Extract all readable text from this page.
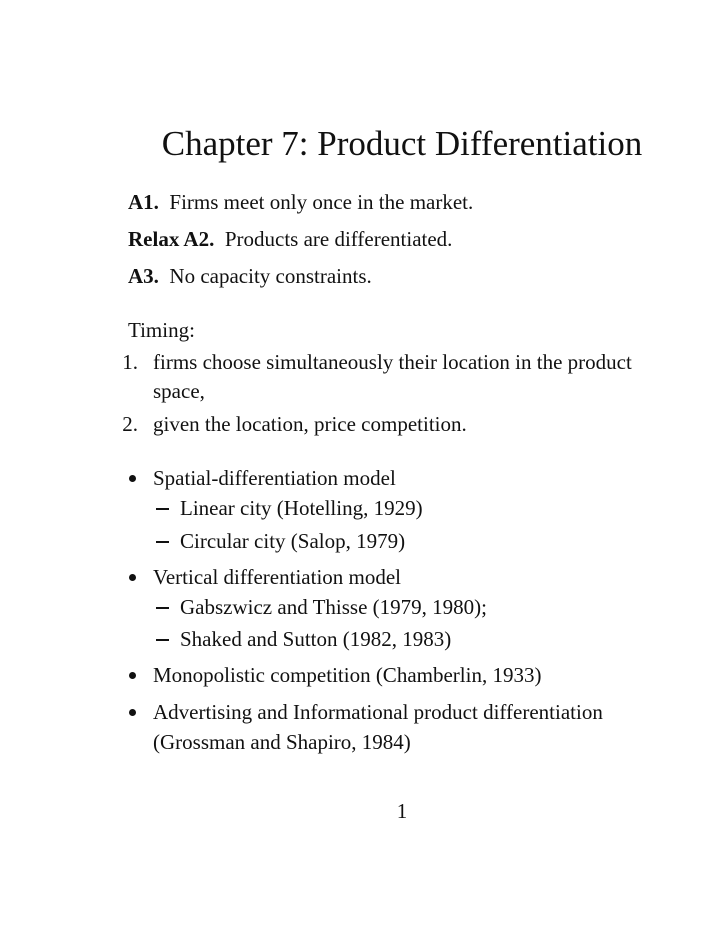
Chapter 7: Product Differentiation
A1. Firms meet only once in the market.
Relax A2. Products are differentiated.
A3. No capacity constraints.
Timing:
1. firms choose simultaneously their location in the product
space,
2. given the location, price competition.
Spatial-differentiation model
Linear city (Hotelling, 1929)
Circular city (Salop, 1979)
Vertical differentiation model
Gabszwicz and Thisse (1979, 1980);
Shaked and Sutton (1982, 1983)
Monopolistic competition (Chamberlin, 1933)
Advertising and Informational product differentiation
(Grossman and Shapiro, 1984)
1
